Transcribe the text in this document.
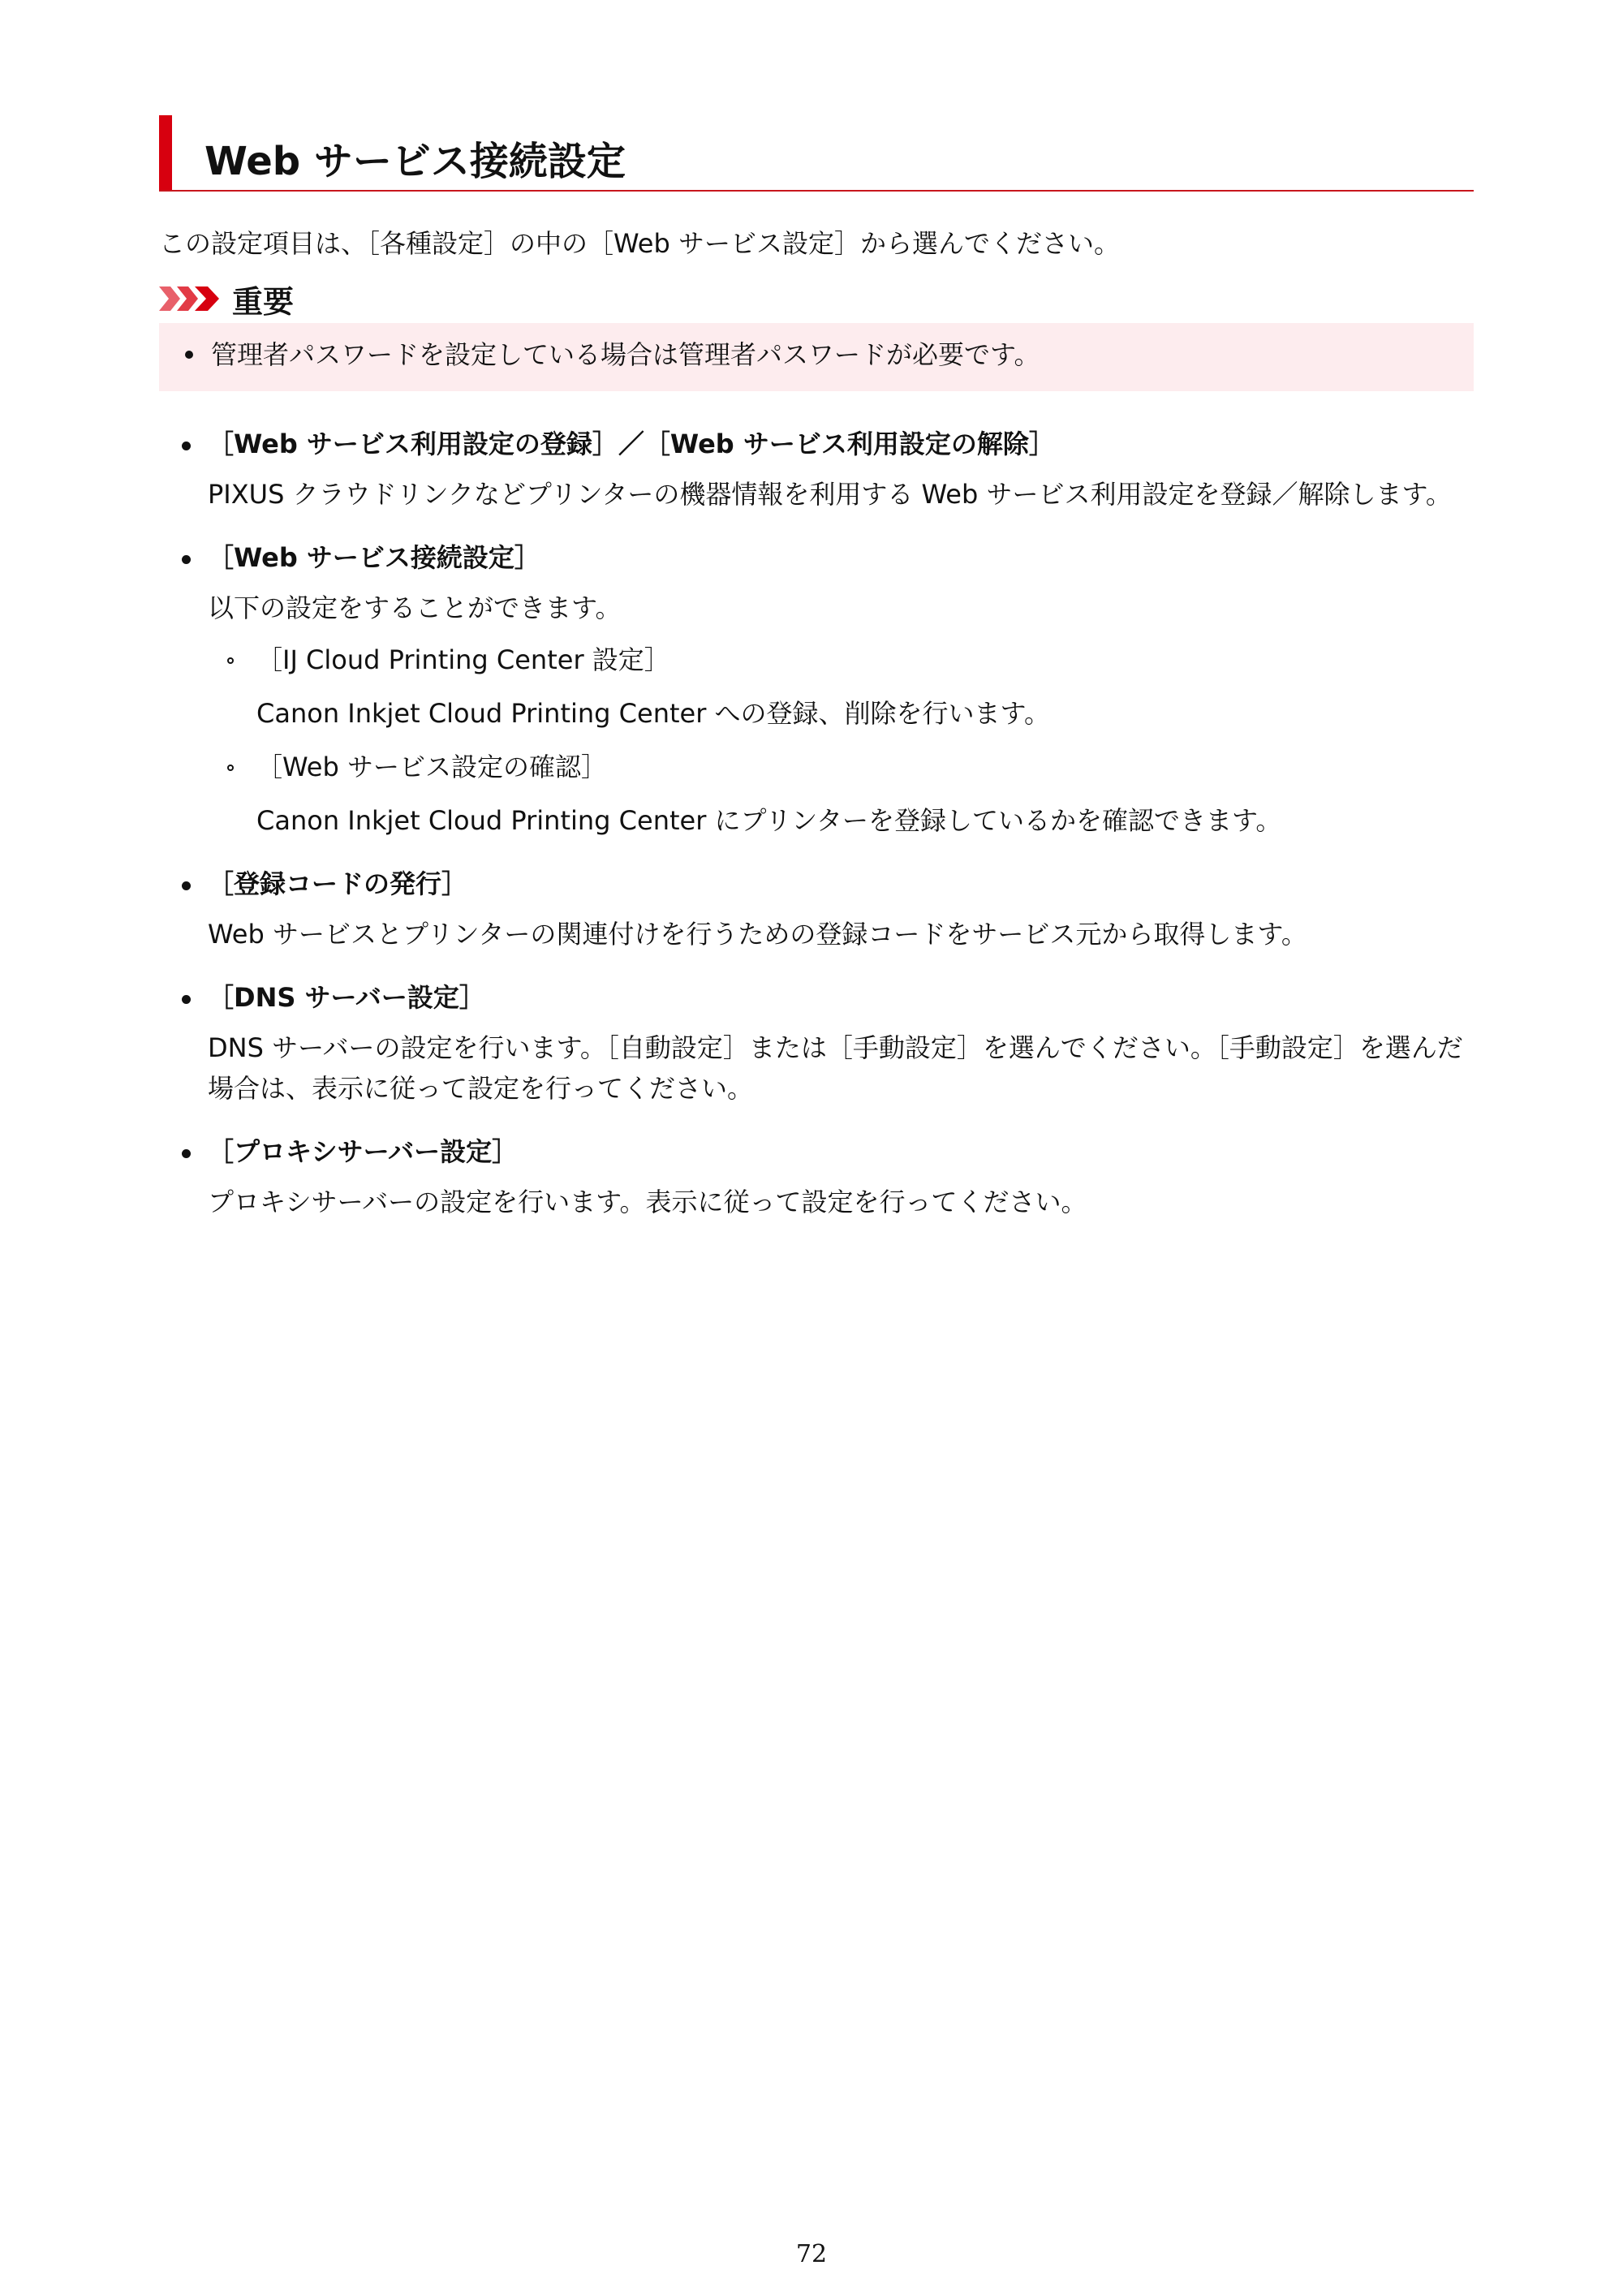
Web サービス接続設定

この設定項目は、［各種設定］の中の［Web サービス設定］から選んでください。

重要
管理者パスワードを設定している場合は管理者パスワードが必要です。
［Web サービス利用設定の登録］／［Web サービス利用設定の解除］
PIXUS クラウドリンクなどプリンターの機器情報を利用する Web サービス利用設定を登録／解除します。
［Web サービス接続設定］
以下の設定をすることができます。
［IJ Cloud Printing Center 設定］
Canon Inkjet Cloud Printing Center への登録、削除を行います。
［Web サービス設定の確認］
Canon Inkjet Cloud Printing Center にプリンターを登録しているかを確認できます。
［登録コードの発行］
Web サービスとプリンターの関連付けを行うための登録コードをサービス元から取得します。
［DNS サーバー設定］
DNS サーバーの設定を行います。［自動設定］または［手動設定］を選んでください。［手動設定］を選んだ場合は、表示に従って設定を行ってください。
［プロキシサーバー設定］
プロキシサーバーの設定を行います。表示に従って設定を行ってください。
72
